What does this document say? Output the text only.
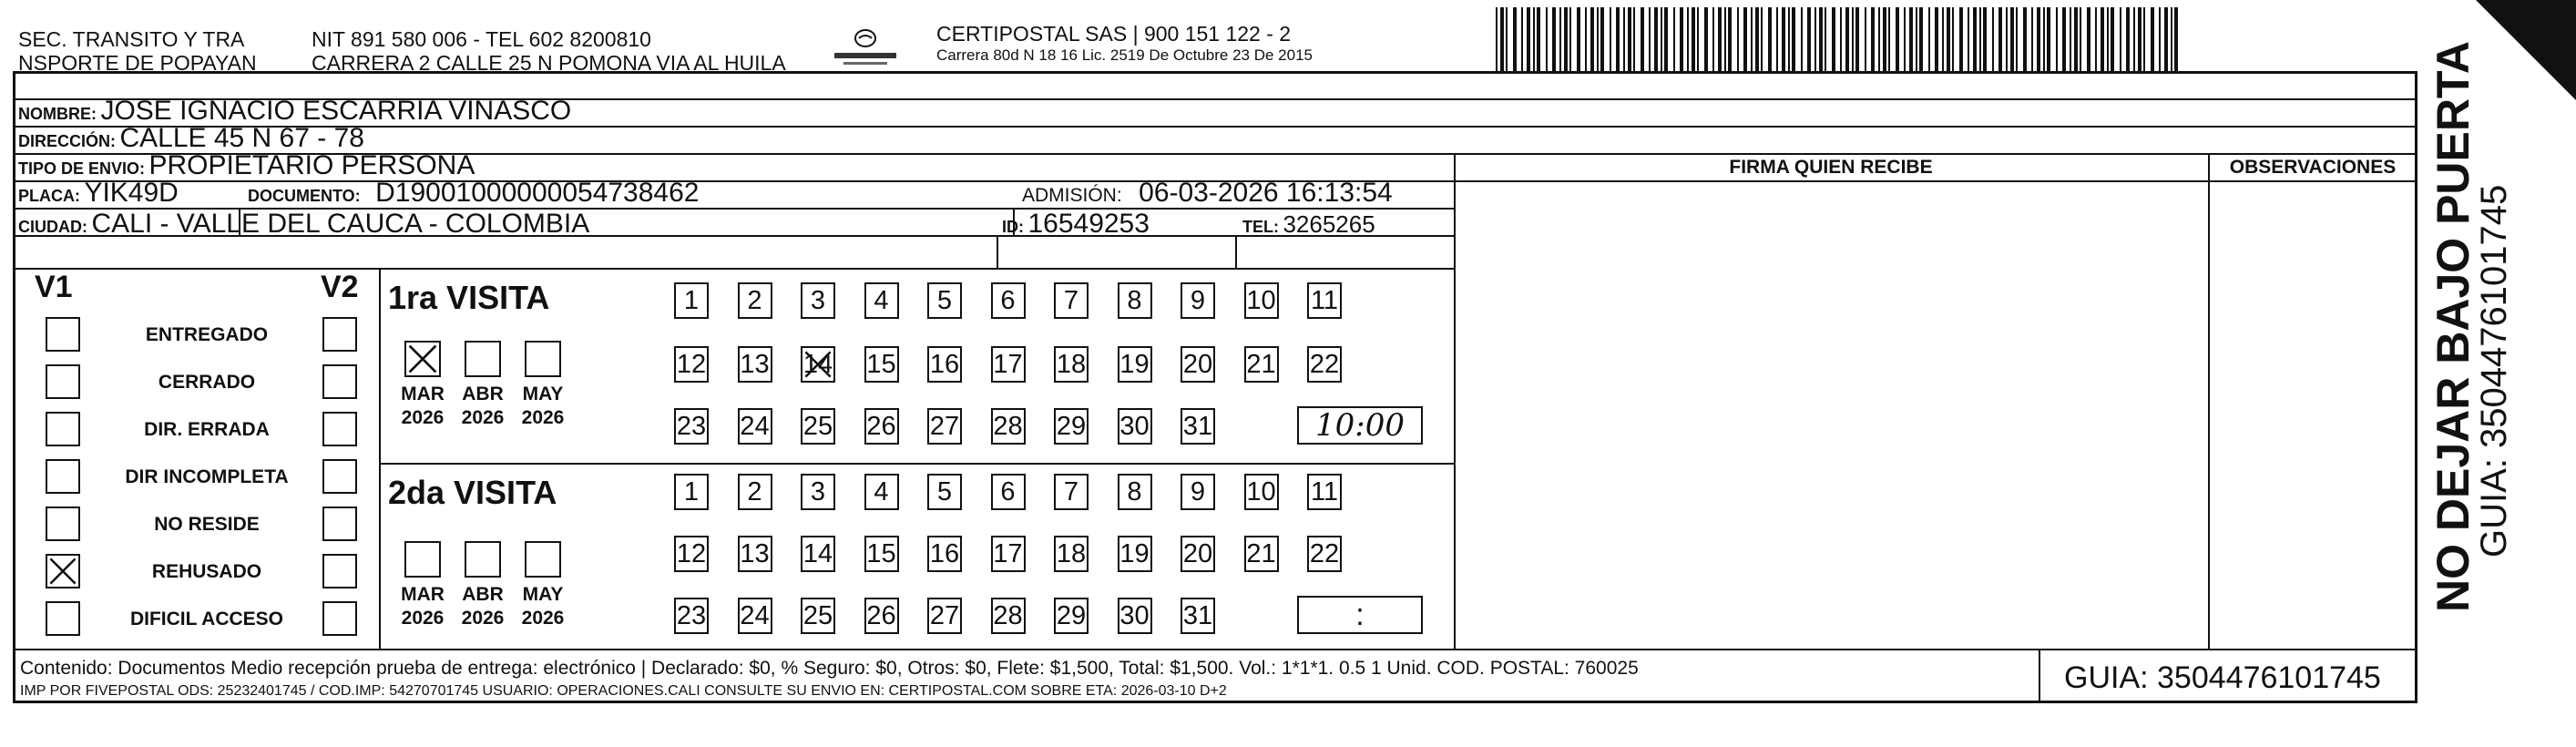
SEC. TRANSITO Y TRA
NSPORTE DE POPAYAN
NIT 891 580 006 - TEL 602 8200810
CARRERA 2 CALLE 25 N POMONA VIA AL HUILA
CERTIPOSTAL SAS | 900 151 122 - 2
Carrera 80d N 18 16 Lic. 2519 De Octubre 23 De 2015
NOMBRE: JOSE IGNACIO ESCARRIA VINASCO
DIRECCIÓN: CALLE 45 N 67 - 78
TIPO DE ENVIO: PROPIETARIO PERSONA	FIRMA QUIEN RECIBE	OBSERVACIONES
PLACA: YIK49D	DOCUMENTO: D19001000000054738462	ADMISIÓN: 06-03-2026 16:13:54
CIUDAD: CALI - VALLE DEL CAUCA - COLOMBIA	ID: 16549253	TEL: 3265265
V1	V2
ENTREGADO
CERRADO
DIR. ERRADA
DIR INCOMPLETA
NO RESIDE
REHUSADO
DIFICIL ACCESO
1ra VISITA
MAR
2026
ABR
2026
MAY
2026
1	2	3	4	5	6	7	8	9	10 11
12 13 14 15 16 17 18 19 20 21 22
23 24 25 26 27 28 29 30 31	10:00
2da VISITA
MAR
2026
ABR
2026
MAY
2026
1	2	3	4	5	6	7	8	9	10 11
12 13 14 15 16 17 18 19 20 21 22
23 24 25 26 27 28 29 30 31	:
Contenido: Documentos Medio recepción prueba de entrega: electrónico | Declarado: $0, % Seguro: $0, Otros: $0, Flete: $1,500, Total: $1,500. Vol.: 1*1*1. 0.5 1 Unid. COD. POSTAL: 760025
IMP POR FIVEPOSTAL ODS: 25232401745 / COD.IMP: 54270701745 USUARIO: OPERACIONES.CALI CONSULTE SU ENVIO EN: CERTIPOSTAL.COM SOBRE ETA: 2026-03-10 D+2	GUIA: 3504476101745
NO DEJAR BAJO PUERTA
GUIA: 3504476101745
